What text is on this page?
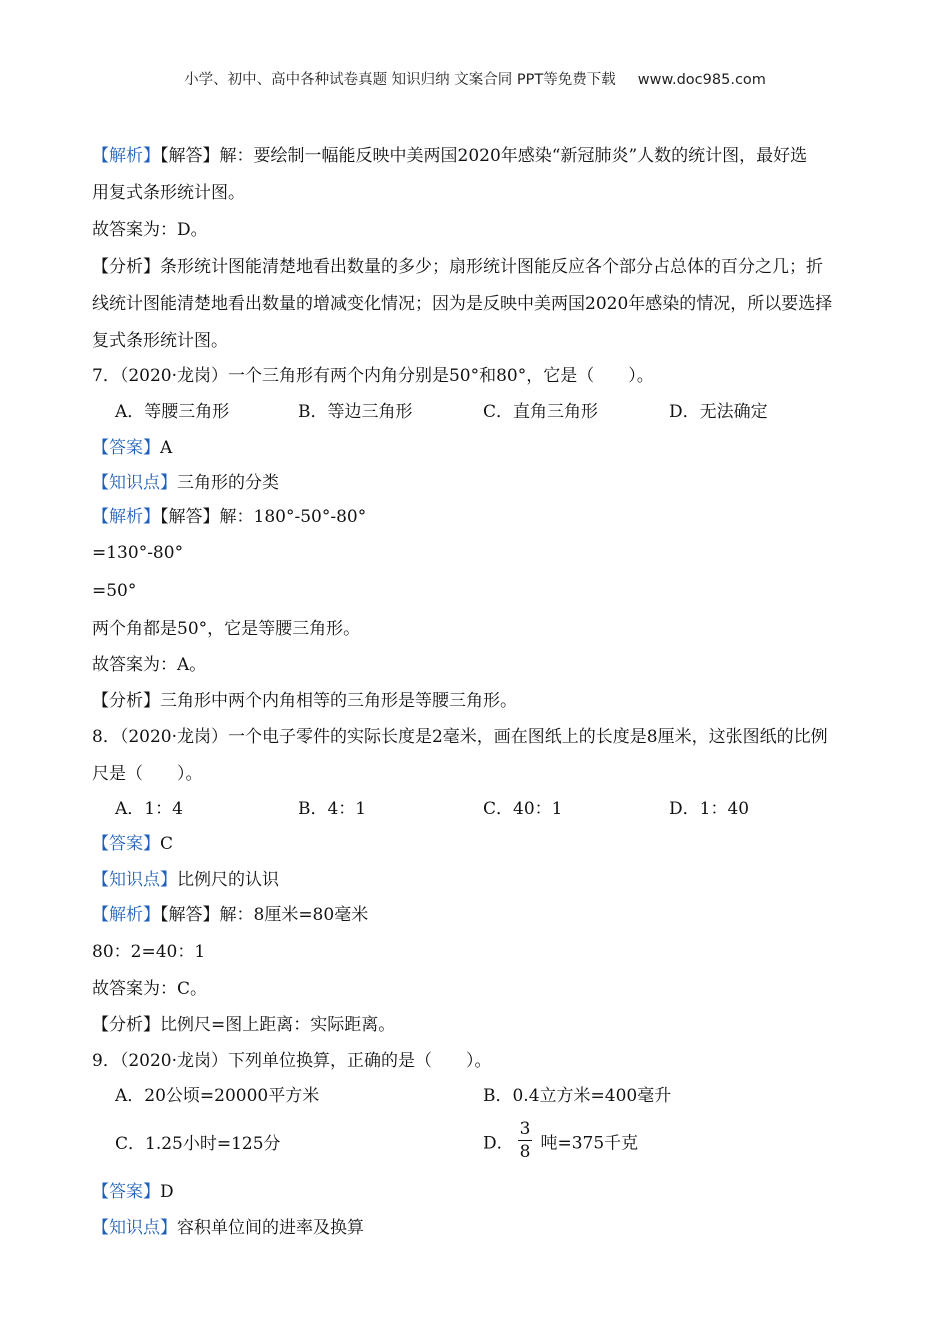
小学、初中、高中各种试卷真题 知识归纳 文案合同 PPT等免费下载 www.doc985.com
【解析】【解答】解：要绘制一幅能反映中美两国2020年感染“新冠肺炎”人数的统计图，最好选
用复式条形统计图。
故答案为：D。
【分析】条形统计图能清楚地看出数量的多少；扇形统计图能反应各个部分占总体的百分之几；折
线统计图能清楚地看出数量的增减变化情况；因为是反映中美两国2020年感染的情况，所以要选择
复式条形统计图。
7．（2020·龙岗）一个三角形有两个内角分别是50°和80°，它是（　　）。
A．等腰三角形	B．等边三角形	C．直角三角形	D．无法确定
【答案】A
【知识点】三角形的分类
【解析】【解答】解：180°-50°-80°
=130°-80°
=50°
两个角都是50°，它是等腰三角形。
故答案为：A。
【分析】三角形中两个内角相等的三角形是等腰三角形。
8．（2020·龙岗）一个电子零件的实际长度是2毫米，画在图纸上的长度是8厘米，这张图纸的比例
尺是（　　）。
A．1：4	B．4：1	C．40：1	D．1：40
【答案】C
【知识点】比例尺的认识
【解析】【解答】解：8厘米=80毫米
80：2=40：1
故答案为：C。
【分析】比例尺=图上距离：实际距离。
9．（2020·龙岗）下列单位换算，正确的是（　　）。
A．20公顷=20000平方米	B．0.4立方米=400毫升
C．1.25小时=125分	D． $\frac{3}{8}$ 吨=375千克
【答案】D
【知识点】容积单位间的进率及换算
